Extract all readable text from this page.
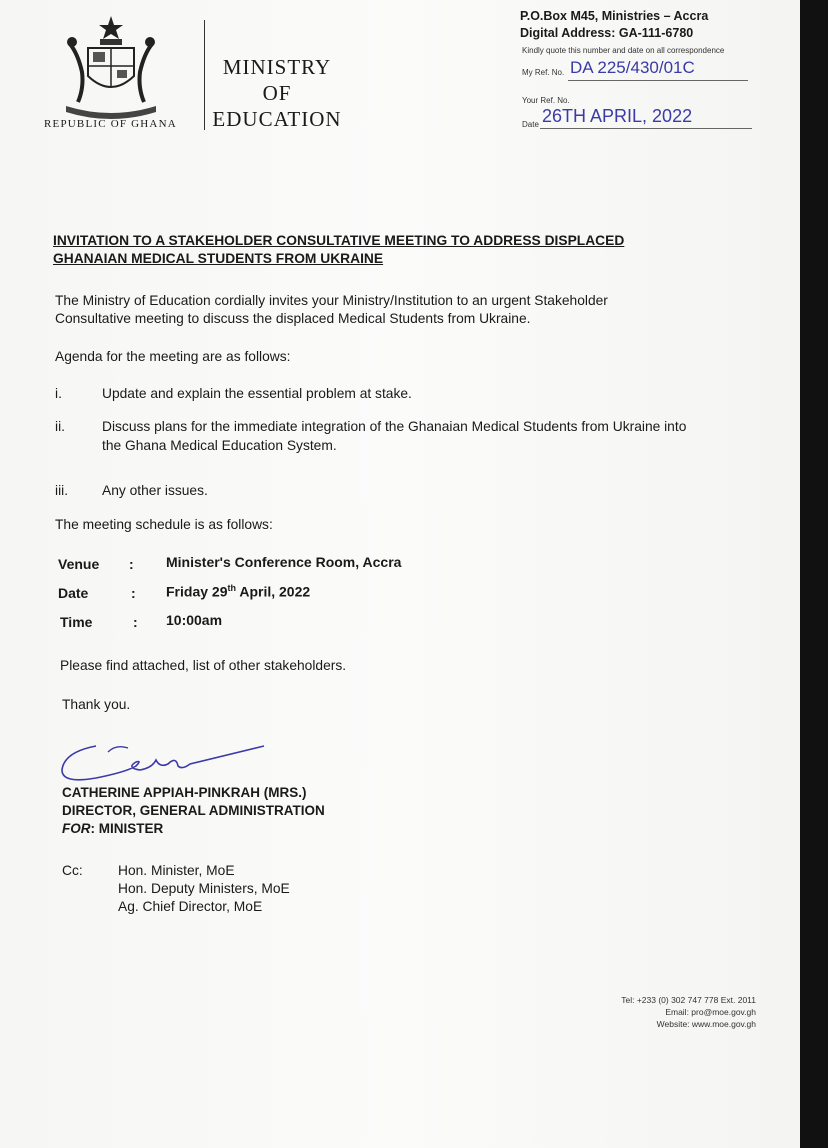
REPUBLIC OF GHANA
MINISTRY
OF
EDUCATION
P.O.Box M45, Ministries – Accra
Digital Address: GA-111-6780
Kindly quote this number and date on all correspondence
My Ref. No. DA 225/430/01C
Your Ref. No.
Date 26TH APRIL, 2022
INVITATION TO A STAKEHOLDER CONSULTATIVE MEETING TO ADDRESS DISPLACED
GHANAIAN MEDICAL STUDENTS FROM UKRAINE
The Ministry of Education cordially invites your Ministry/Institution to an urgent Stakeholder
Consultative meeting to discuss the displaced Medical Students from Ukraine.
Agenda for the meeting are as follows:
i.	Update and explain the essential problem at stake.
ii.	Discuss plans for the immediate integration of the Ghanaian Medical Students from Ukraine into
the Ghana Medical Education System.
iii. Any other issues.
The meeting schedule is as follows:
Venue : Minister's Conference Room, Accra
Date	: Friday 29th April, 2022
Time	: 10:00am
Please find attached, list of other stakeholders.
Thank you.
CATHERINE APPIAH-PINKRAH (MRS.)
DIRECTOR, GENERAL ADMINISTRATION
FOR: MINISTER
Cc:	Hon. Minister, MoE
Hon. Deputy Ministers, MoE
Ag. Chief Director, MoE
Tel: +233 (0) 302 747 778 Ext. 2011
Email: pro@moe.gov.gh
Website: www.moe.gov.gh
